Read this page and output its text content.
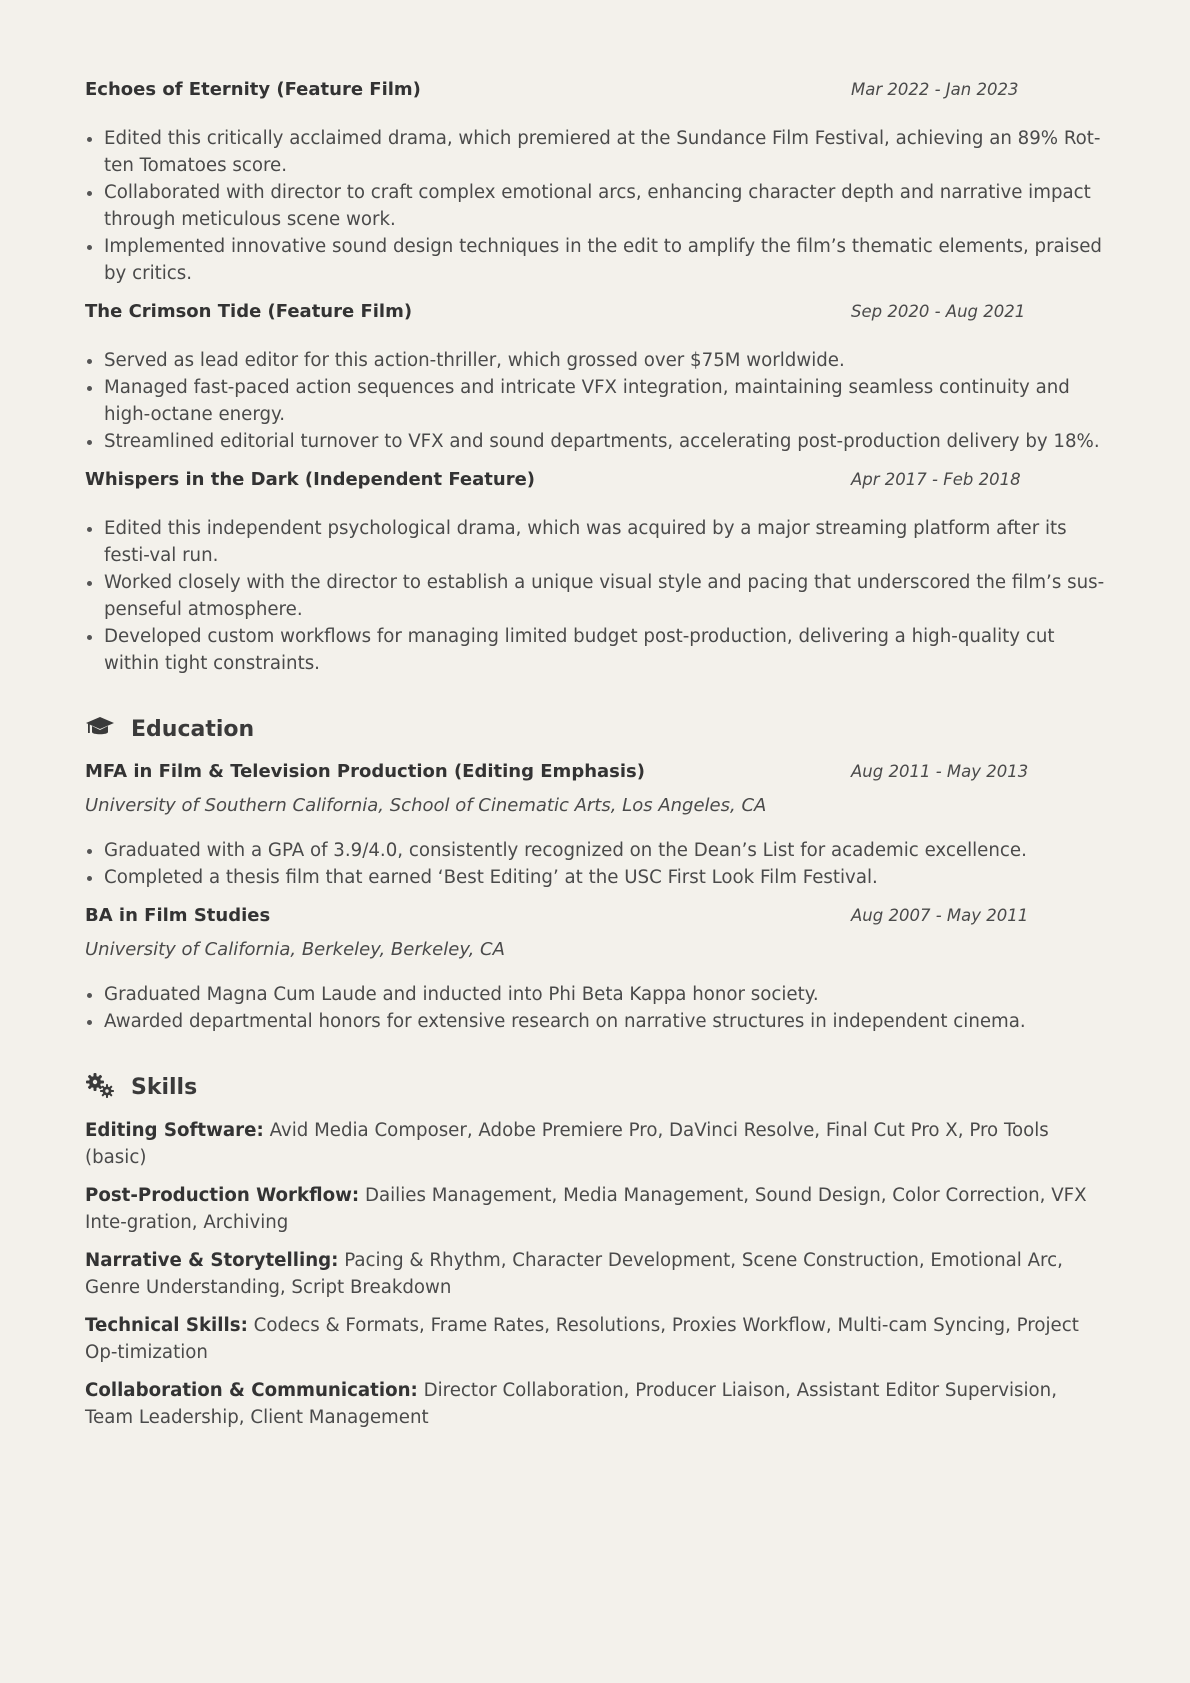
Echoes of Eternity (Feature Film)	Mar 2022 - Jan 2023
Edited this critically acclaimed drama, which premiered at the Sundance Film Festival, achieving an 89% Rot-ten Tomatoes score.
Collaborated with director to craft complex emotional arcs, enhancing character depth and narrative impact through meticulous scene work.
Implemented innovative sound design techniques in the edit to amplify the film’s thematic elements, praised by critics.
The Crimson Tide (Feature Film)	Sep 2020 - Aug 2021
Served as lead editor for this action-thriller, which grossed over $75M worldwide.
Managed fast-paced action sequences and intricate VFX integration, maintaining seamless continuity and high-octane energy.
Streamlined editorial turnover to VFX and sound departments, accelerating post-production delivery by 18%.
Whispers in the Dark (Independent Feature)	Apr 2017 - Feb 2018
Edited this independent psychological drama, which was acquired by a major streaming platform after its festi-val run.
Worked closely with the director to establish a unique visual style and pacing that underscored the film’s sus-penseful atmosphere.
Developed custom workflows for managing limited budget post-production, delivering a high-quality cut within tight constraints.
Education
MFA in Film & Television Production (Editing Emphasis)	Aug 2011 - May 2013
University of Southern California, School of Cinematic Arts, Los Angeles, CA
Graduated with a GPA of 3.9/4.0, consistently recognized on the Dean’s List for academic excellence.
Completed a thesis film that earned ‘Best Editing’ at the USC First Look Film Festival.
BA in Film Studies	Aug 2007 - May 2011
University of California, Berkeley, Berkeley, CA
Graduated Magna Cum Laude and inducted into Phi Beta Kappa honor society.
Awarded departmental honors for extensive research on narrative structures in independent cinema.
Skills
Editing Software: Avid Media Composer, Adobe Premiere Pro, DaVinci Resolve, Final Cut Pro X, Pro Tools (basic)
Post-Production Workflow: Dailies Management, Media Management, Sound Design, Color Correction, VFX Inte-gration, Archiving
Narrative & Storytelling: Pacing & Rhythm, Character Development, Scene Construction, Emotional Arc, Genre Understanding, Script Breakdown
Technical Skills: Codecs & Formats, Frame Rates, Resolutions, Proxies Workflow, Multi-cam Syncing, Project Op-timization
Collaboration & Communication: Director Collaboration, Producer Liaison, Assistant Editor Supervision, Team Leadership, Client Management
